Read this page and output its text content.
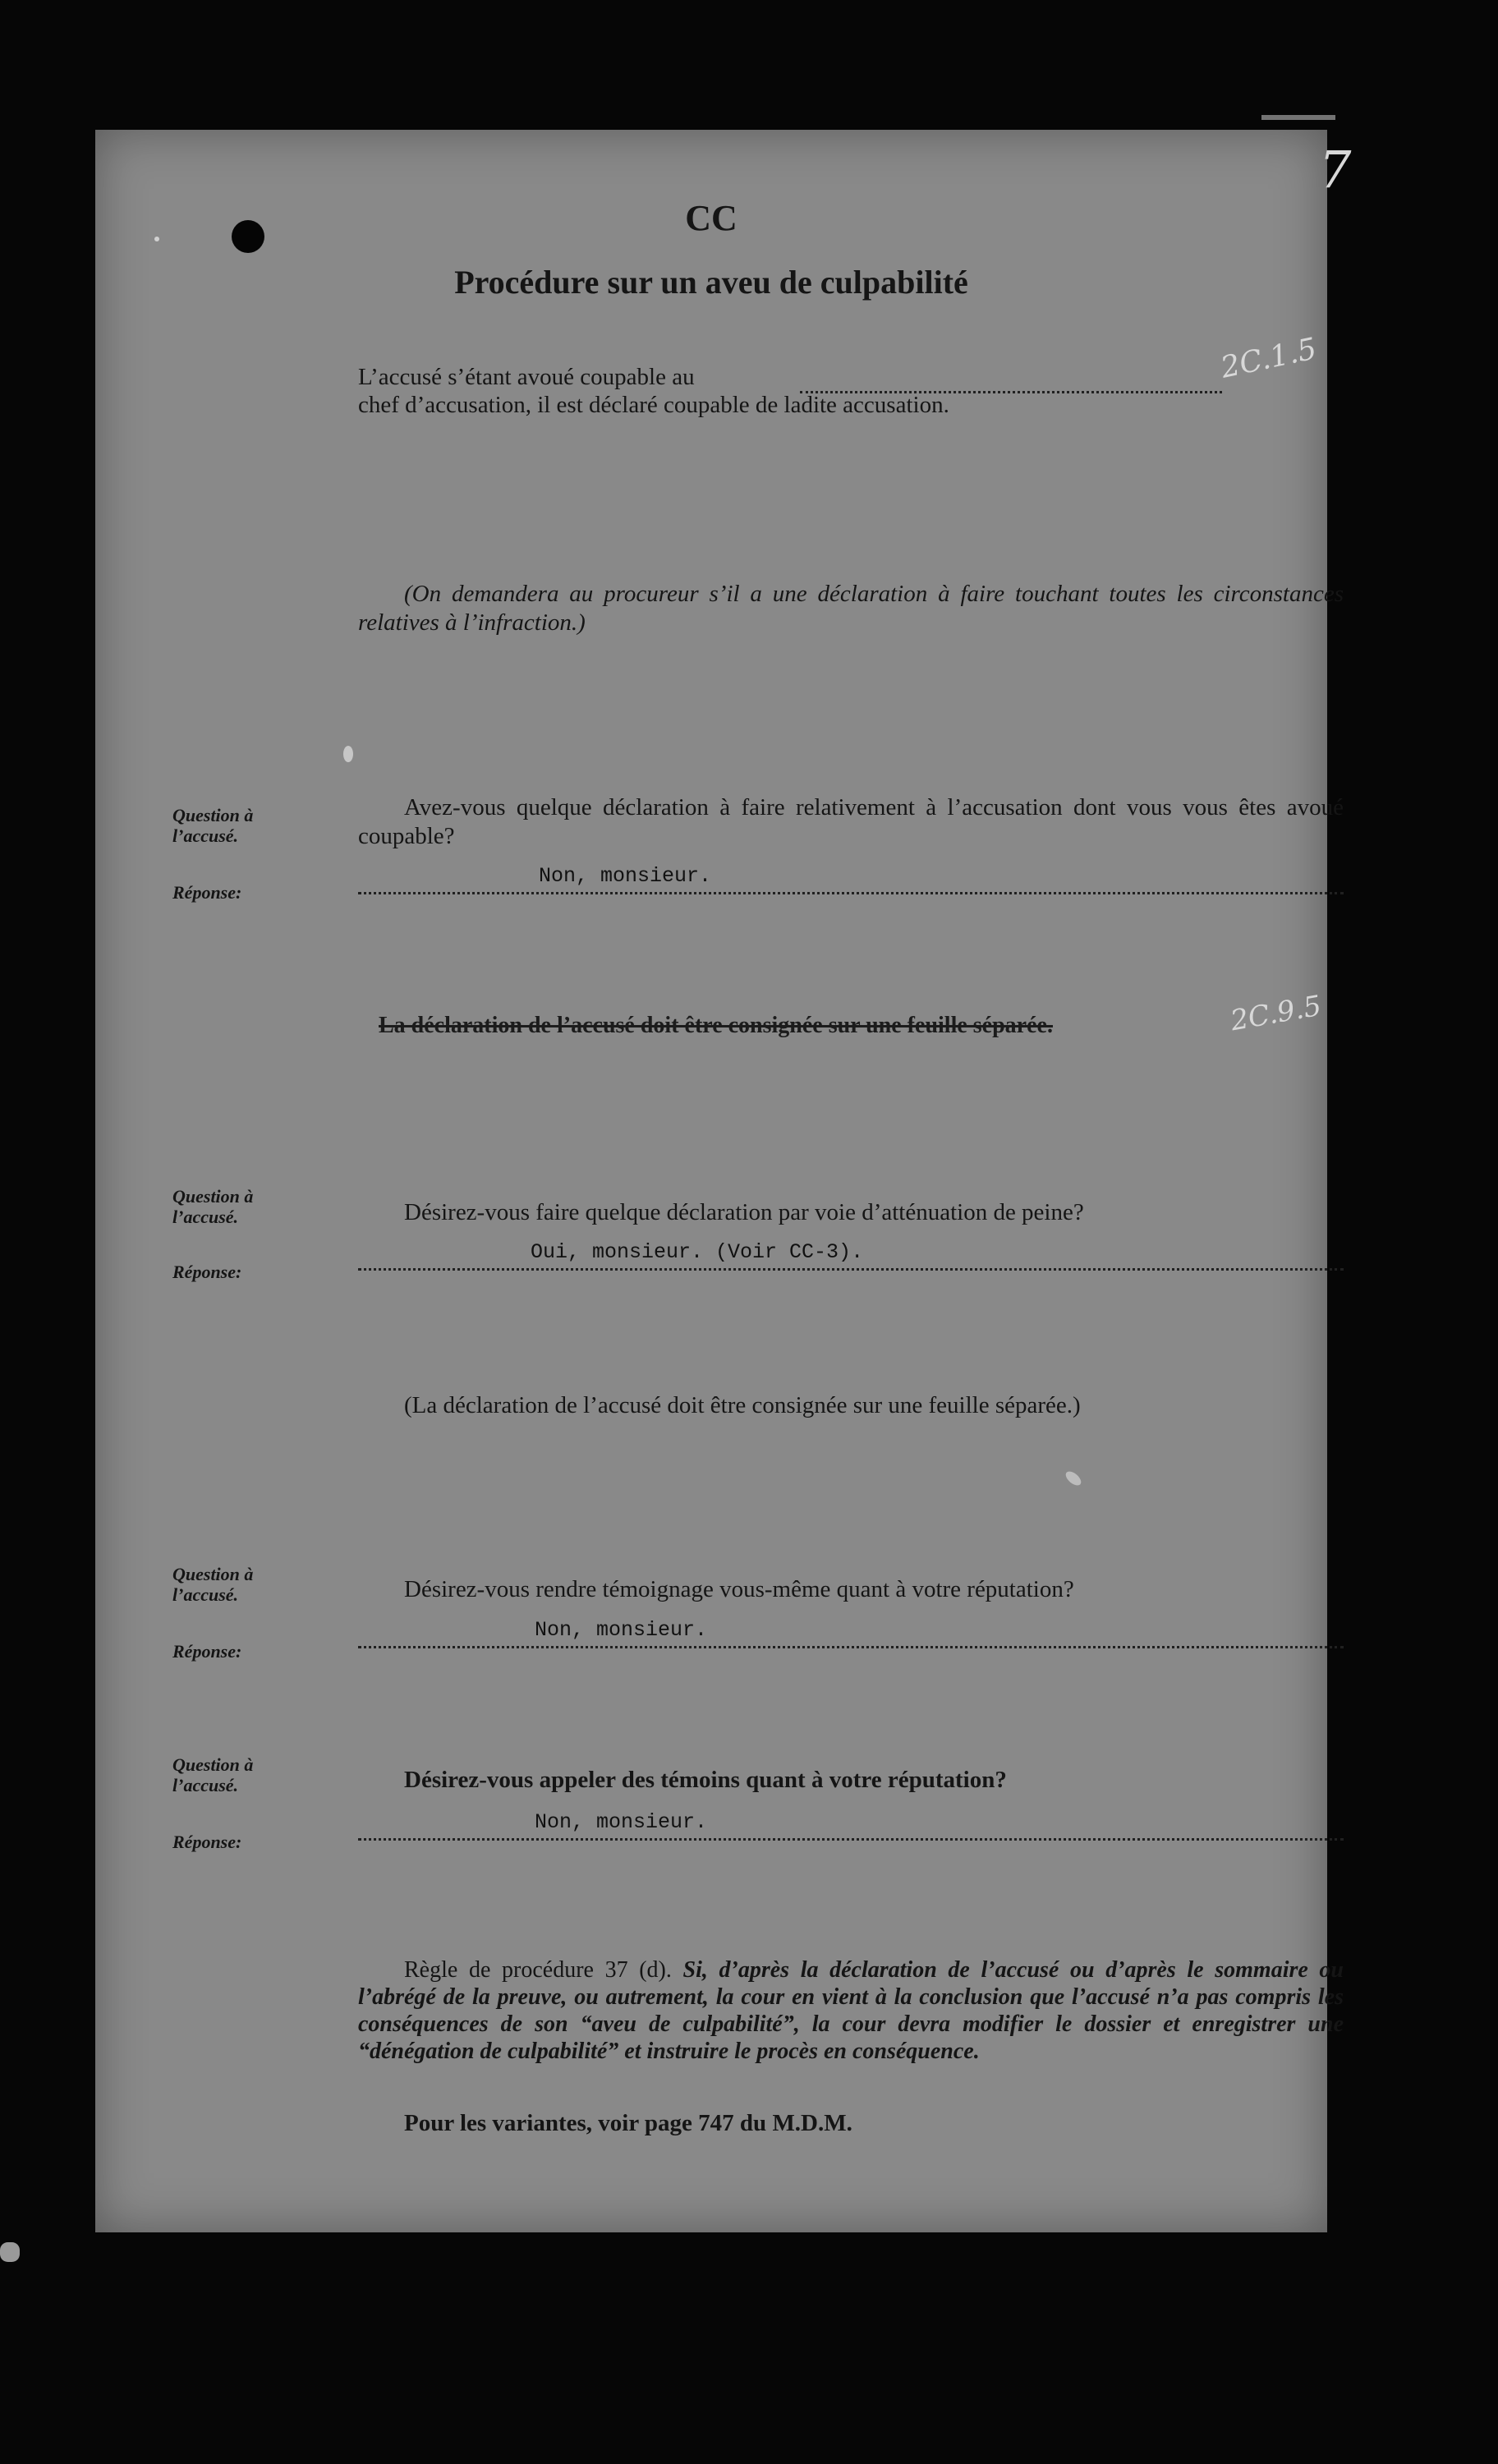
7
CC
Procédure sur un aveu de culpabilité
L’accusé s’étant avoué coupable au	2C.1.5
chef d’accusation, il est déclaré coupable de ladite accusation.
(On demandera au procureur s’il a une déclaration à faire touchant toutes les circonstances relatives à l’infraction.)
Question à l’accusé.
Avez-vous quelque déclaration à faire relativement à l’accusation dont vous vous êtes avoué coupable?
Réponse:
Non, monsieur.
La déclaration de l’accusé doit être consignée sur une feuille séparée.	2C.9.5
Question à l’accusé.	Désirez-vous faire quelque déclaration par voie d’atténuation de peine?
Réponse:
Oui, monsieur. (Voir CC-3).
(La déclaration de l’accusé doit être consignée sur une feuille séparée.)
Question à l’accusé.	Désirez-vous rendre témoignage vous-même quant à votre réputation?
Réponse:
Non, monsieur.
Question à l’accusé.	Désirez-vous appeler des témoins quant à votre réputation?
Réponse:
Non, monsieur.
Règle de procédure 37 (d). Si, d’après la déclaration de l’accusé ou d’après le sommaire ou l’abrégé de la preuve, ou autrement, la cour en vient à la conclusion que l’accusé n’a pas compris les conséquences de son “aveu de culpabilité”, la cour devra modifier le dossier et enregistrer une “dénégation de culpabilité” et instruire le procès en conséquence.
Pour les variantes, voir page 747 du M.D.M.
